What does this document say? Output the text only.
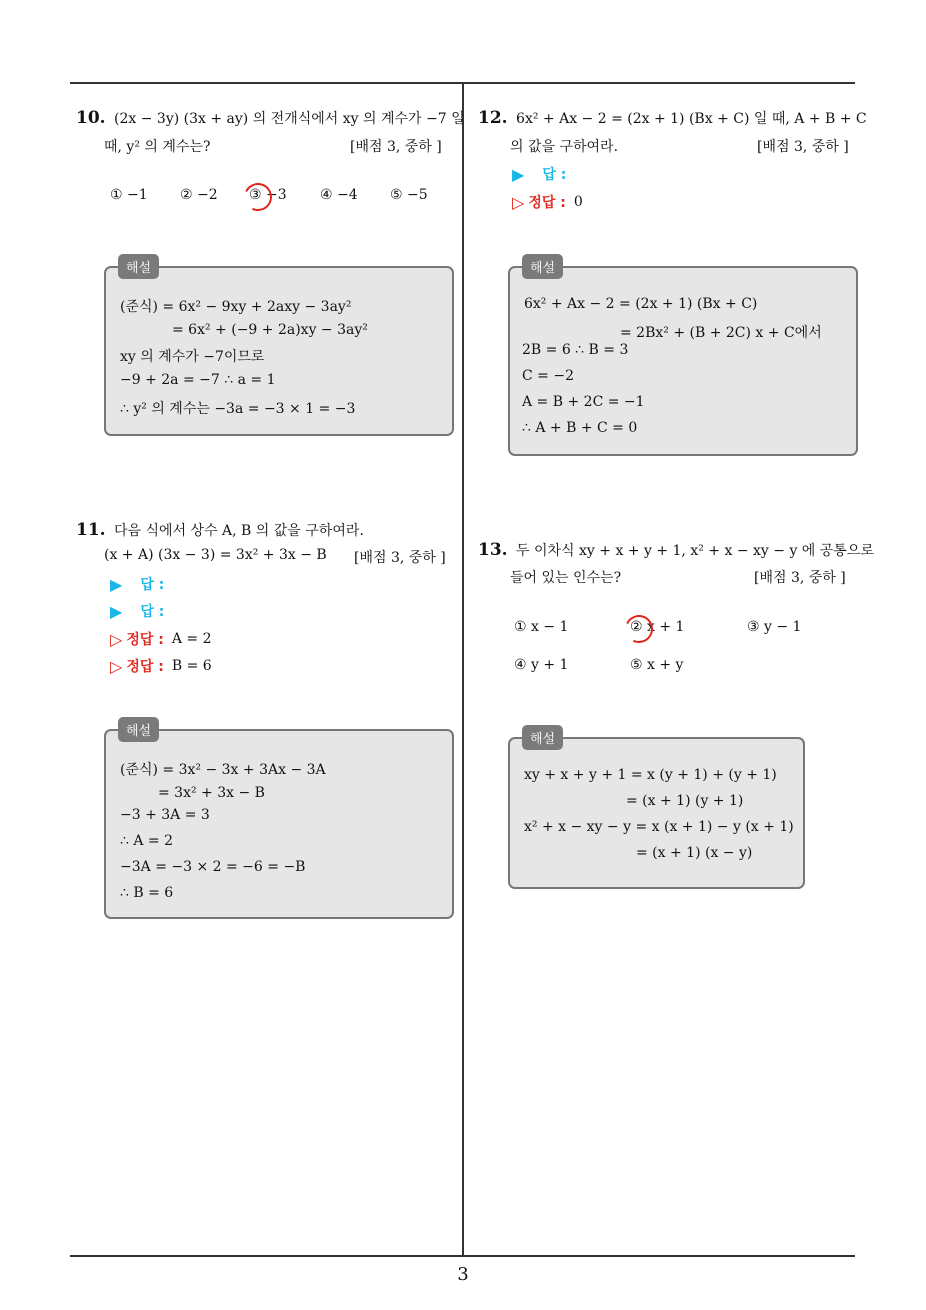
10. (2x − 3y) (3x + ay) 의 전개식에서 xy 의 계수가 −7 일
때, y² 의 계수는?	[배점 3, 중하 ]
① −1 ② −2 ③ −3 ④ −4 ⑤ −5
해설
(준식) = 6x² − 9xy + 2axy − 3ay²
= 6x² + (−9 + 2a)xy − 3ay²
xy 의 계수가 −7이므로
−9 + 2a = −7 ∴ a = 1
∴ y² 의 계수는 −3a = −3 × 1 = −3
11. 다음 식에서 상수 A, B 의 값을 구하여라.
(x + A) (3x − 3) = 3x² + 3x − B [배점 3, 중하 ]
▶ 답 :
▶ 답 :
▷ 정답 : A = 2
▷ 정답 : B = 6
해설
(준식) = 3x² − 3x + 3Ax − 3A
= 3x² + 3x − B
−3 + 3A = 3
∴ A = 2
−3A = −3 × 2 = −6 = −B
∴ B = 6
12. 6x² + Ax − 2 = (2x + 1) (Bx + C) 일 때, A + B + C
의 값을 구하여라.	[배점 3, 중하 ]
▶ 답 :
▷ 정답 : 0
해설
6x² + Ax − 2 = (2x + 1) (Bx + C)
= 2Bx² + (B + 2C) x + C에서
2B = 6 ∴ B = 3
C = −2
A = B + 2C = −1
∴ A + B + C = 0
13. 두 이차식 xy + x + y + 1, x² + x − xy − y 에 공통으로
들어 있는 인수는?	[배점 3, 중하 ]
① x − 1	② x + 1	③ y − 1
④ y + 1	⑤ x + y
해설
xy + x + y + 1 = x (y + 1) + (y + 1)
= (x + 1) (y + 1)
x² + x − xy − y = x (x + 1) − y (x + 1)
= (x + 1) (x − y)
3
